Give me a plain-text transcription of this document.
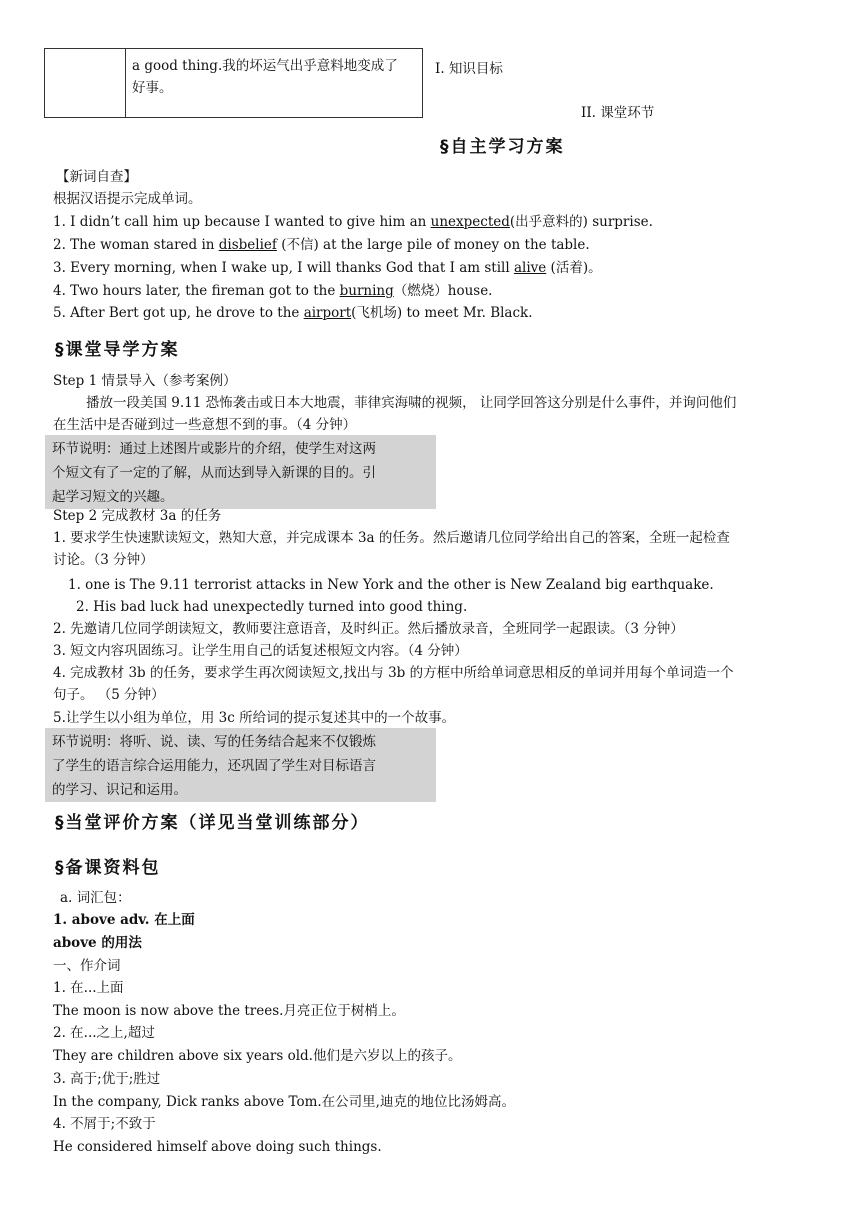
a good thing.我的坏运气出乎意料地变成了
好事。
I. 知识目标
II. 课堂环节
§自主学习方案
【新词自查】
根据汉语提示完成单词。
1. I didn’t call him up because I wanted to give him an unexpected(出乎意料的) surprise.
2. The woman stared in disbelief (不信) at the large pile of money on the table.
3. Every morning, when I wake up, I will thanks God that I am still alive (活着)。
4. Two hours later, the fireman got to the burning（燃烧）house.
5. After Bert got up, he drove to the airport(飞机场) to meet Mr. Black.
§课堂导学方案
Step 1 情景导入（参考案例）
播放一段美国 9.11 恐怖袭击或日本大地震，菲律宾海啸的视频， 让同学回答这分别是什么事件，并询问他们
在生活中是否碰到过一些意想不到的事。（4 分钟）
环节说明：通过上述图片或影片的介绍，使学生对这两
个短文有了一定的了解，从而达到导入新课的目的。引
起学习短文的兴趣。
Step 2 完成教材 3a 的任务
1. 要求学生快速默读短文，熟知大意，并完成课本 3a 的任务。然后邀请几位同学给出自己的答案，全班一起检查
讨论。（3 分钟）
1. one is The 9.11 terrorist attacks in New York and the other is New Zealand big earthquake.
2. His bad luck had unexpectedly turned into good thing.
2. 先邀请几位同学朗读短文，教师要注意语音，及时纠正。然后播放录音，全班同学一起跟读。（3 分钟）
3. 短文内容巩固练习。让学生用自己的话复述根短文内容。（4 分钟）
4. 完成教材 3b 的任务，要求学生再次阅读短文,找出与 3b 的方框中所给单词意思相反的单词并用每个单词造一个
句子。 （5 分钟）
5.让学生以小组为单位，用 3c 所给词的提示复述其中的一个故事。
环节说明：将听、说、读、写的任务结合起来不仅锻炼
了学生的语言综合运用能力，还巩固了学生对目标语言
的学习、识记和运用。
§当堂评价方案（详见当堂训练部分）
§备课资料包
a. 词汇包：
1. above adv. 在上面
above 的用法
一、作介词
1. 在...上面
The moon is now above the trees.月亮正位于树梢上。
2. 在...之上,超过
They are children above six years old.他们是六岁以上的孩子。
3. 高于;优于;胜过
In the company, Dick ranks above Tom.在公司里,迪克的地位比汤姆高。
4. 不屑于;不致于
He considered himself above doing such things.
